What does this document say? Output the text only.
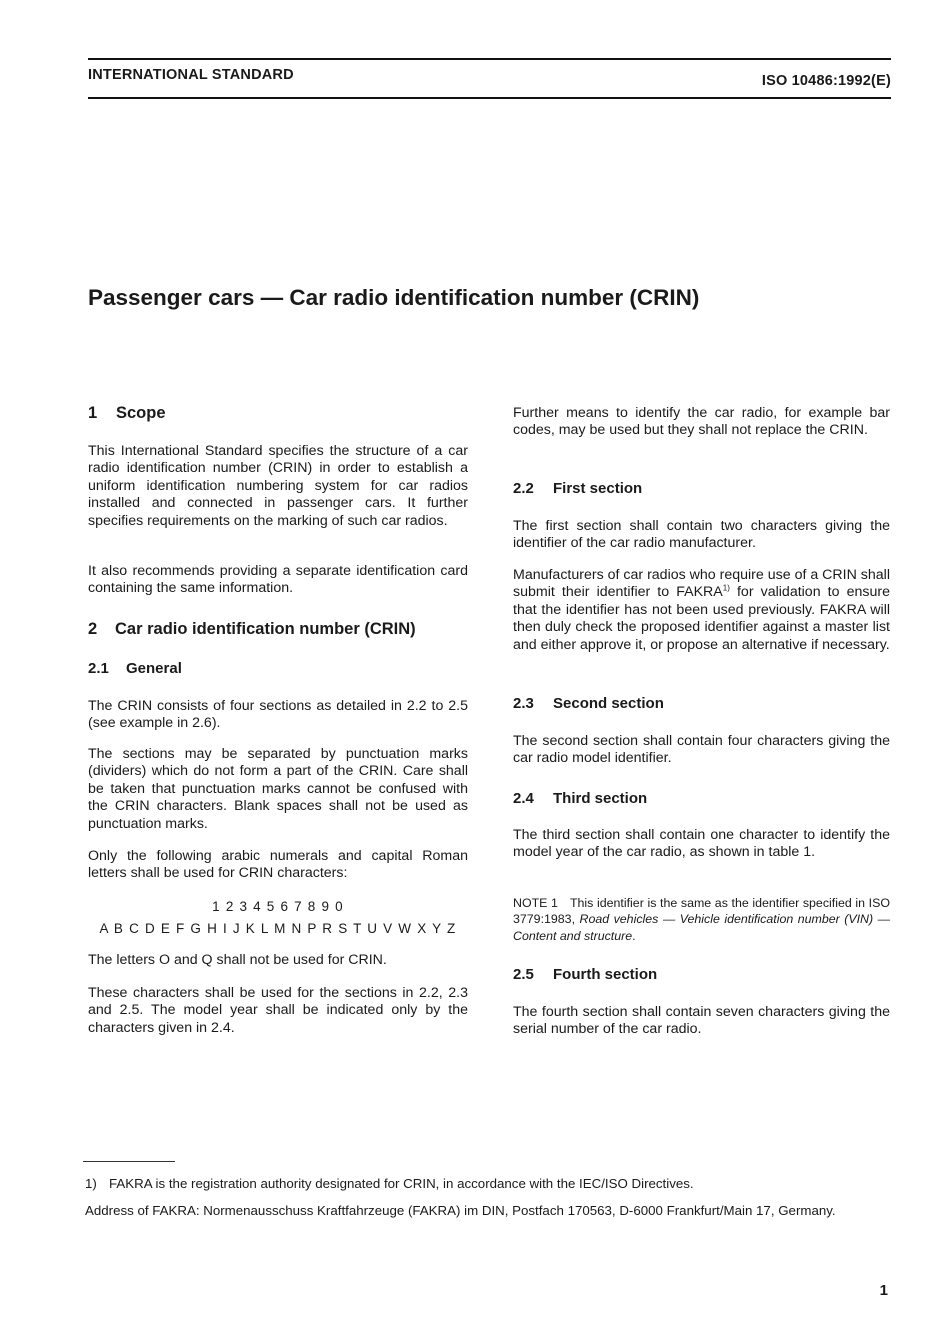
INTERNATIONAL STANDARD	ISO 10486:1992(E)
Passenger cars — Car radio identification number (CRIN)
1 Scope

This International Standard specifies the structure of a car radio identification number (CRIN) in order to establish a uniform identification numbering system for car radios installed and connected in passenger cars. It further specifies requirements on the marking of such car radios.

It also recommends providing a separate identification card containing the same information.

2 Car radio identification number (CRIN)
2.1 General

The CRIN consists of four sections as detailed in 2.2 to 2.5 (see example in 2.6).

The sections may be separated by punctuation marks (dividers) which do not form a part of the CRIN. Care shall be taken that punctuation marks cannot be confused with the CRIN characters. Blank spaces shall not be used as punctuation marks.

Only the following arabic numerals and capital Roman letters shall be used for CRIN characters:

1 2 3 4 5 6 7 8 9 0
A B C D E F G H I J K L M N P R S T U V W X Y Z

The letters O and Q shall not be used for CRIN.

These characters shall be used for the sections in 2.2, 2.3 and 2.5. The model year shall be indicated only by the characters given in 2.4.

Further means to identify the car radio, for example bar codes, may be used but they shall not replace the CRIN.

2.2 First section

The first section shall contain two characters giving the identifier of the car radio manufacturer.

Manufacturers of car radios who require use of a CRIN shall submit their identifier to FAKRA$^{1)}$ for validation to ensure that the identifier has not been used previously. FAKRA will then duly check the proposed identifier against a master list and either approve it, or propose an alternative if necessary.

2.3 Second section

The second section shall contain four characters giving the car radio model identifier.

2.4 Third section

The third section shall contain one character to identify the model year of the car radio, as shown in table 1.

NOTE 1 This identifier is the same as the identifier specified in ISO 3779:1983, Road vehicles — Vehicle identification number (VIN) — Content and structure.

2.5 Fourth section

The fourth section shall contain seven characters giving the serial number of the car radio.

1) FAKRA is the registration authority designated for CRIN, in accordance with the IEC/ISO Directives.
Address of FAKRA: Normenausschuss Kraftfahrzeuge (FAKRA) im DIN, Postfach 170563, D-6000 Frankfurt/Main 17, Germany.
1
